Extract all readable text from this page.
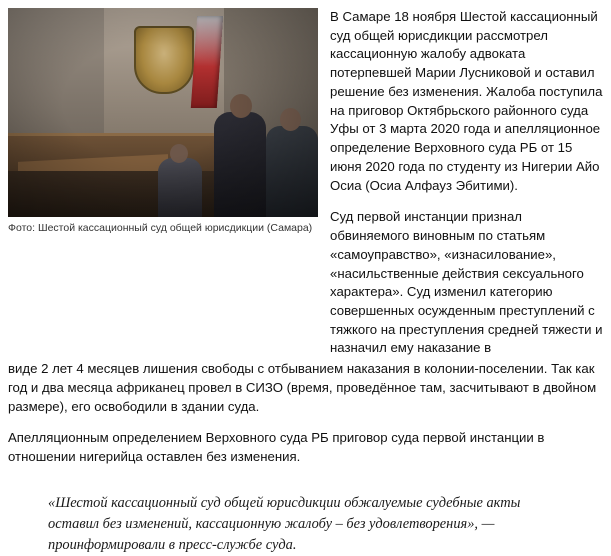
Фото: Шестой кассационный суд общей юрисдикции (Самара)

В Самаре 18 ноября Шестой кассационный суд общей юрисдикции рассмотрел кассационную жалобу адвоката потерпевшей Марии Лусниковой и оставил решение без изменения. Жалоба поступила на приговор Октябрьского районного суда Уфы от 3 марта 2020 года и апелляционное определение Верховного суда РБ от 15 июня 2020 года по студенту из Нигерии Айо Осиа (Осиа Алфауз Эбитими).

Суд первой инстанции признал обвиняемого виновным по статьям «самоуправство», «изнасилование», «насильственные действия сексуального характера». Суд изменил категорию совершенных осужденным преступлений с тяжкого на преступления средней тяжести и назначил ему наказание в

виде 2 лет 4 месяцев лишения свободы с отбыванием наказания в колонии-поселении. Так как год и два месяца африканец провел в СИЗО (время, проведённое там, засчитывают в двойном размере), его освободили в здании суда.

Апелляционным определением Верховного суда РБ приговор суда первой инстанции в отношении нигерийца оставлен без изменения.

«Шестой кассационный суд общей юрисдикции обжалуемые судебные акты оставил без изменений, кассационную жалобу – без удовлетворения», — проинформировали в пресс-службе суда.
